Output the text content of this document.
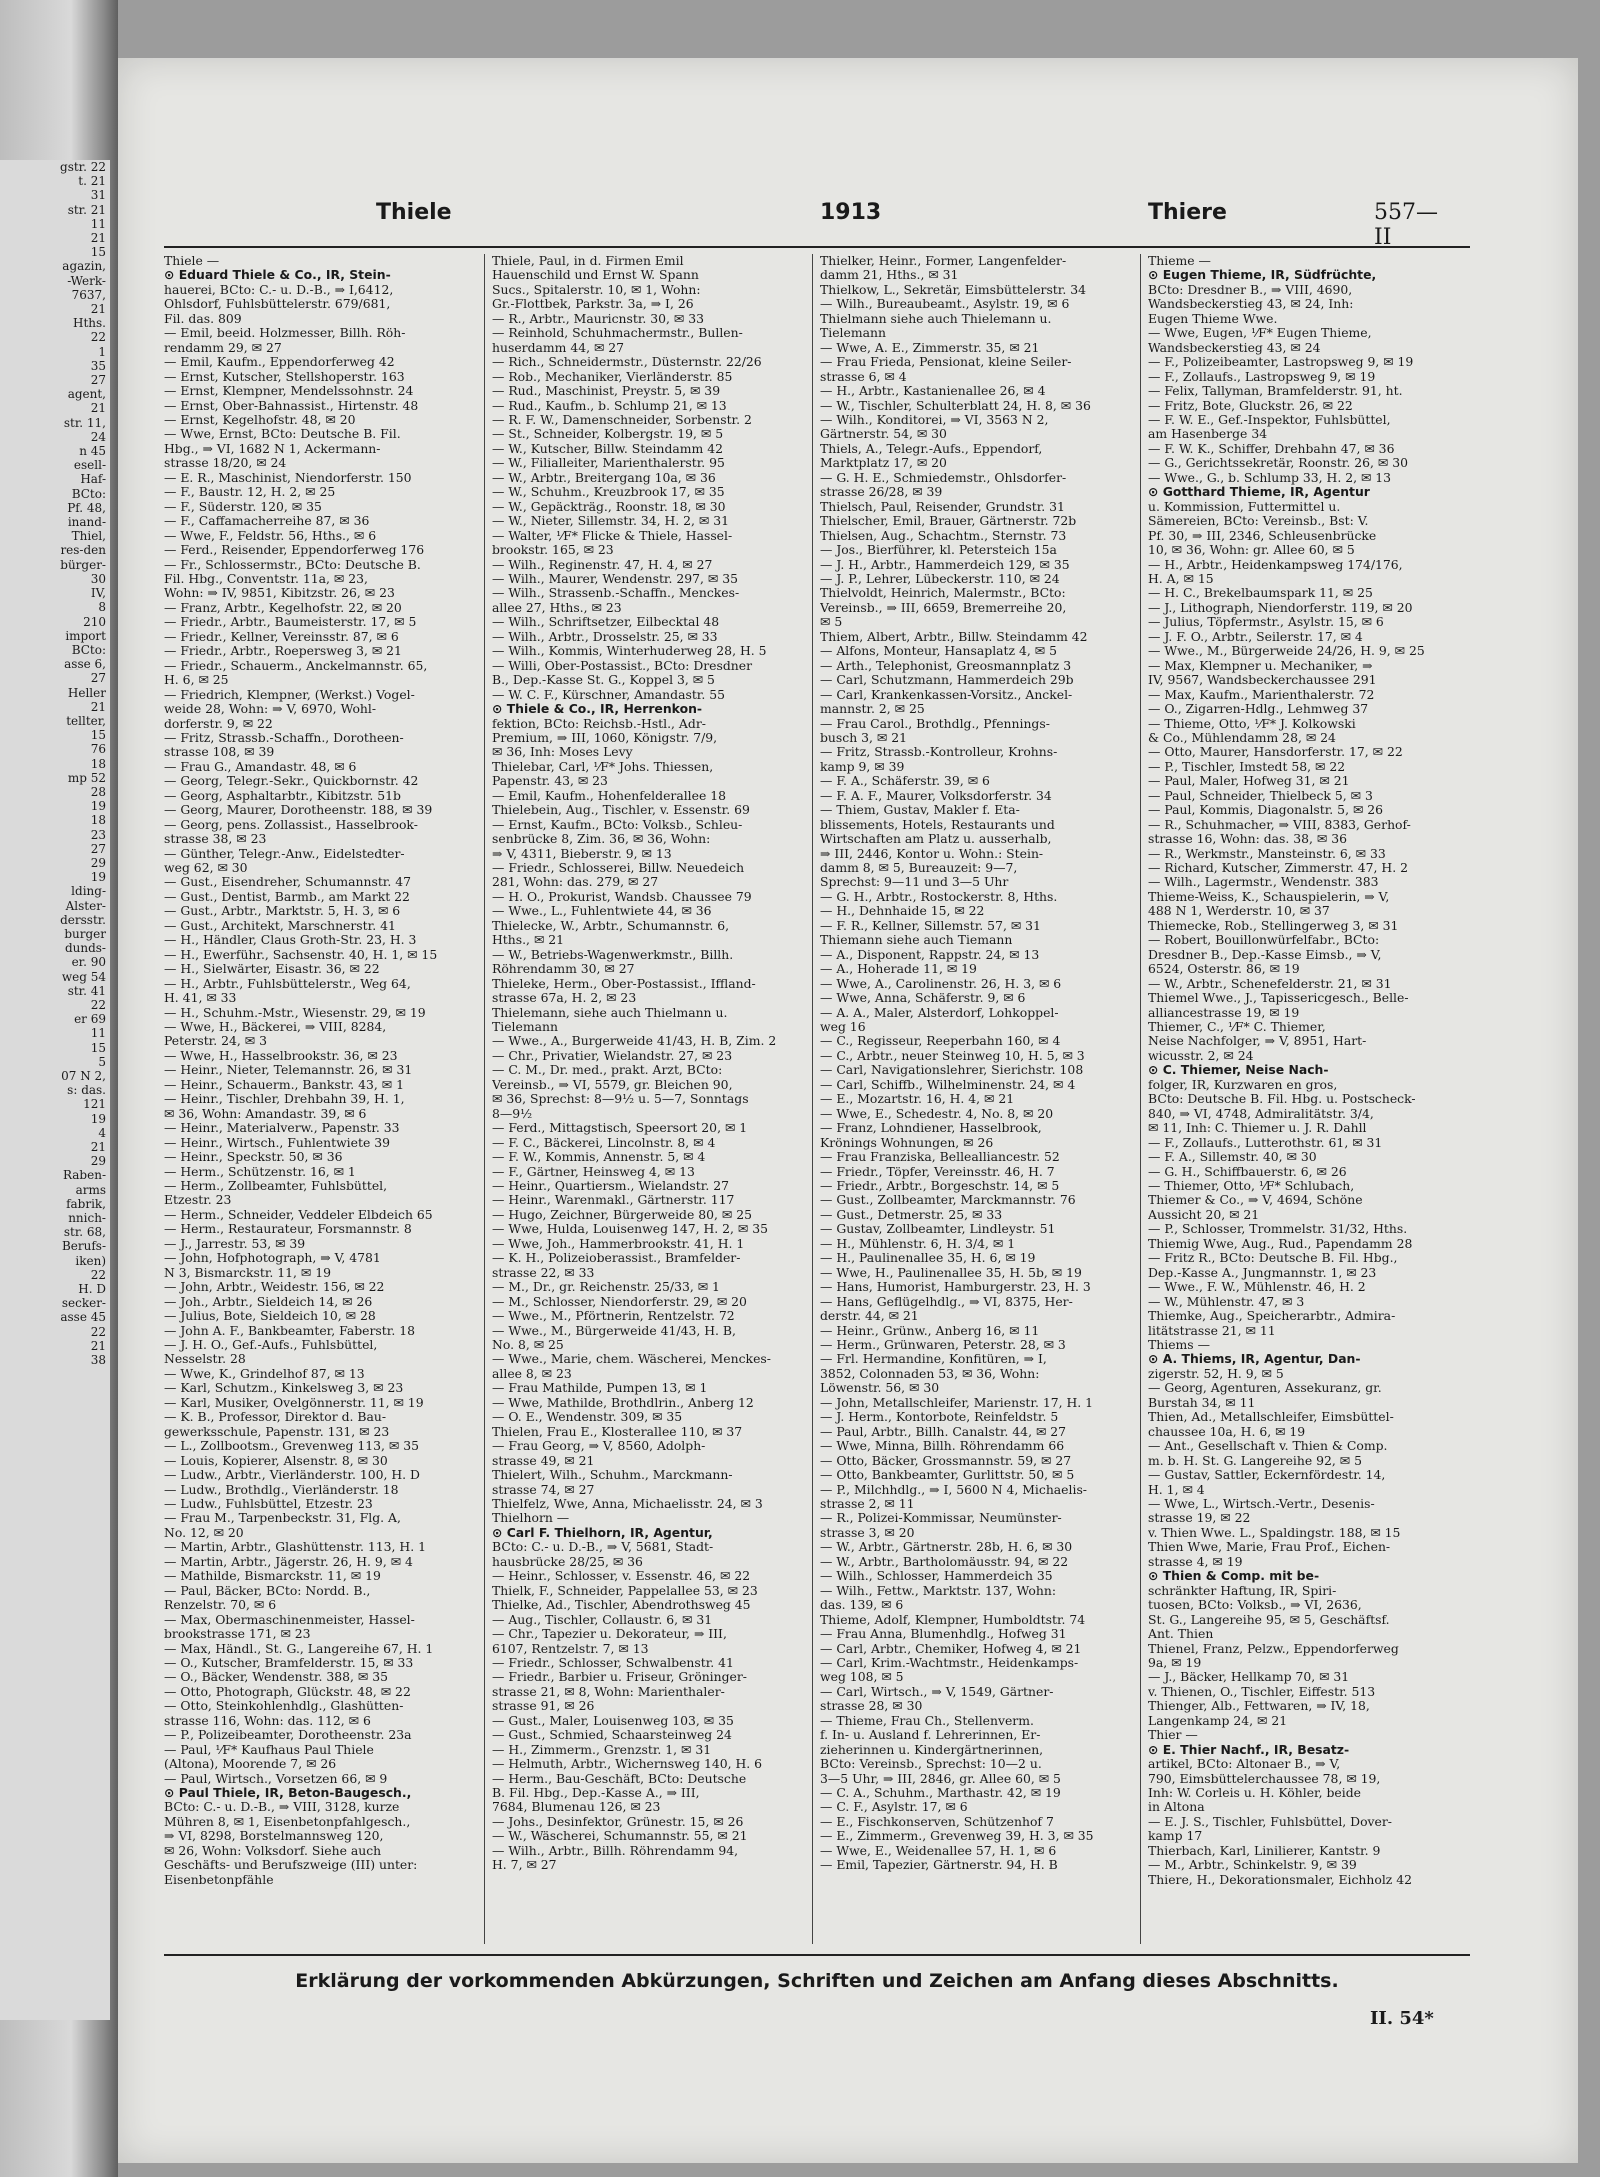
gstr. 22
t. 21
31
str. 21
11
21
15
agazin,
-Werk-
7637,
21
Hths.
22
1
35
27
agent,
21
str. 11,
24
n 45
esell-
Haf-
BCto:
Pf. 48,
inand-
Thiel,
res-den
bürger-
30
IV,
8
210
import
BCto:
asse 6,
27
Heller
21
tellter,
15
76
18
mp 52
28
19
18
23
27
29
19
lding-
Alster-
dersstr.
burger
dunds-
er. 90
weg 54
str. 41
22
er 69
11
15
5
07 N 2,
s: das.
121
19
4
21
29
Raben-
arms
fabrik,
nnich-
str. 68,
Berufs-
iken)
22
H. D
secker-
asse 45
22
21
38
Thiele	1913	Thiere	557—II
Thiele —
⊙ Eduard Thiele & Co., IR, Stein-
hauerei, BCto: C.- u. D.-B., ⇒ I,6412,
Ohlsdorf, Fuhlsbüttelerstr. 679/681,
Fil. das. 809
— Emil, beeid. Holzmesser, Billh. Röh-
rendamm 29, ✉ 27
— Emil, Kaufm., Eppendorferweg 42
— Ernst, Kutscher, Stellshoperstr. 163
— Ernst, Klempner, Mendelssohnstr. 24
— Ernst, Ober-Bahnassist., Hirtenstr. 48
— Ernst, Kegelhofstr. 48, ✉ 20
— Wwe, Ernst, BCto: Deutsche B. Fil.
Hbg., ⇒ VI, 1682 N 1, Ackermann-
strasse 18/20, ✉ 24
— E. R., Maschinist, Niendorferstr. 150
— F., Baustr. 12, H. 2, ✉ 25
— F., Süderstr. 120, ✉ 35
— F., Caffamacherreihe 87, ✉ 36
— Wwe, F., Feldstr. 56, Hths., ✉ 6
— Ferd., Reisender, Eppendorferweg 176
— Fr., Schlossermstr., BCto: Deutsche B.
Fil. Hbg., Conventstr. 11a, ✉ 23,
Wohn: ⇒ IV, 9851, Kibitzstr. 26, ✉ 23
— Franz, Arbtr., Kegelhofstr. 22, ✉ 20
— Friedr., Arbtr., Baumeisterstr. 17, ✉ 5
— Friedr., Kellner, Vereinsstr. 87, ✉ 6
— Friedr., Arbtr., Roepersweg 3, ✉ 21
— Friedr., Schauerm., Anckelmannstr. 65,
H. 6, ✉ 25
— Friedrich, Klempner, (Werkst.) Vogel-
weide 28, Wohn: ⇒ V, 6970, Wohl-
dorferstr. 9, ✉ 22
— Fritz, Strassb.-Schaffn., Dorotheen-
strasse 108, ✉ 39
— Frau G., Amandastr. 48, ✉ 6
— Georg, Telegr.-Sekr., Quickbornstr. 42
— Georg, Asphaltarbtr., Kibitzstr. 51b
— Georg, Maurer, Dorotheenstr. 188, ✉ 39
— Georg, pens. Zollassist., Hasselbrook-
strasse 38, ✉ 23
— Günther, Telegr.-Anw., Eidelstedter-
weg 62, ✉ 30
— Gust., Eisendreher, Schumannstr. 47
— Gust., Dentist, Barmb., am Markt 22
— Gust., Arbtr., Marktstr. 5, H. 3, ✉ 6
— Gust., Architekt, Marschnerstr. 41
— H., Händler, Claus Groth-Str. 23, H. 3
— H., Ewerführ., Sachsenstr. 40, H. 1, ✉ 15
— H., Sielwärter, Eisastr. 36, ✉ 22
— H., Arbtr., Fuhlsbüttelerstr., Weg 64,
H. 41, ✉ 33
— H., Schuhm.-Mstr., Wiesenstr. 29, ✉ 19
— Wwe, H., Bäckerei, ⇒ VIII, 8284,
Peterstr. 24, ✉ 3
— Wwe, H., Hasselbrookstr. 36, ✉ 23
— Heinr., Nieter, Telemannstr. 26, ✉ 31
— Heinr., Schauerm., Bankstr. 43, ✉ 1
— Heinr., Tischler, Drehbahn 39, H. 1,
✉ 36, Wohn: Amandastr. 39, ✉ 6
— Heinr., Materialverw., Papenstr. 33
— Heinr., Wirtsch., Fuhlentwiete 39
— Heinr., Speckstr. 50, ✉ 36
— Herm., Schützenstr. 16, ✉ 1
— Herm., Zollbeamter, Fuhlsbüttel,
Etzestr. 23
— Herm., Schneider, Veddeler Elbdeich 65
— Herm., Restaurateur, Forsmannstr. 8
— J., Jarrestr. 53, ✉ 39
— John, Hofphotograph, ⇒ V, 4781
N 3, Bismarckstr. 11, ✉ 19
— John, Arbtr., Weidestr. 156, ✉ 22
— Joh., Arbtr., Sieldeich 14, ✉ 26
— Julius, Bote, Sieldeich 10, ✉ 28
— John A. F., Bankbeamter, Faberstr. 18
— J. H. O., Gef.-Aufs., Fuhlsbüttel,
Nesselstr. 28
— Wwe, K., Grindelhof 87, ✉ 13
— Karl, Schutzm., Kinkelsweg 3, ✉ 23
— Karl, Musiker, Ovelgönnerstr. 11, ✉ 19
— K. B., Professor, Direktor d. Bau-
gewerksschule, Papenstr. 131, ✉ 23
— L., Zollbootsm., Grevenweg 113, ✉ 35
— Louis, Kopierer, Alsenstr. 8, ✉ 30
— Ludw., Arbtr., Vierländerstr. 100, H. D
— Ludw., Brothdlg., Vierländerstr. 18
— Ludw., Fuhlsbüttel, Etzestr. 23
— Frau M., Tarpenbeckstr. 31, Flg. A,
No. 12, ✉ 20
— Martin, Arbtr., Glashüttenstr. 113, H. 1
— Martin, Arbtr., Jägerstr. 26, H. 9, ✉ 4
— Mathilde, Bismarckstr. 11, ✉ 19
— Paul, Bäcker, BCto: Nordd. B.,
Renzelstr. 70, ✉ 6
— Max, Obermaschinenmeister, Hassel-
brookstrasse 171, ✉ 23
— Max, Händl., St. G., Langereihe 67, H. 1
— O., Kutscher, Bramfelderstr. 15, ✉ 33
— O., Bäcker, Wendenstr. 388, ✉ 35
— Otto, Photograph, Glückstr. 48, ✉ 22
— Otto, Steinkohlenhdlg., Glashütten-
strasse 116, Wohn: das. 112, ✉ 6
— P., Polizeibeamter, Dorotheenstr. 23a
— Paul, ⅟F* Kaufhaus Paul Thiele
(Altona), Moorende 7, ✉ 26
— Paul, Wirtsch., Vorsetzen 66, ✉ 9
⊙ Paul Thiele, IR, Beton-Baugesch.,
BCto: C.- u. D.-B., ⇒ VIII, 3128, kurze
Mühren 8, ✉ 1, Eisenbetonpfahlgesch.,
⇒ VI, 8298, Borstelmannsweg 120,
✉ 26, Wohn: Volksdorf. Siehe auch
Geschäfts- und Berufszweige (III) unter:
Eisenbetonpfähle
Thiele, Paul, in d. Firmen Emil
Hauenschild und Ernst W. Spann
Sucs., Spitalerstr. 10, ✉ 1, Wohn:
Gr.-Flottbek, Parkstr. 3a, ⇒ I, 26
— R., Arbtr., Mauricnstr. 30, ✉ 33
— Reinhold, Schuhmachermstr., Bullen-
huserdamm 44, ✉ 27
— Rich., Schneidermstr., Düsternstr. 22/26
— Rob., Mechaniker, Vierländerstr. 85
— Rud., Maschinist, Preystr. 5, ✉ 39
— Rud., Kaufm., b. Schlump 21, ✉ 13
— R. F. W., Damenschneider, Sorbenstr. 2
— St., Schneider, Kolbergstr. 19, ✉ 5
— W., Kutscher, Billw. Steindamm 42
— W., Filialleiter, Marienthalerstr. 95
— W., Arbtr., Breitergang 10a, ✉ 36
— W., Schuhm., Kreuzbrook 17, ✉ 35
— W., Gepäckträg., Roonstr. 18, ✉ 30
— W., Nieter, Sillemstr. 34, H. 2, ✉ 31
— Walter, ⅟F* Flicke & Thiele, Hassel-
brookstr. 165, ✉ 23
— Wilh., Reginenstr. 47, H. 4, ✉ 27
— Wilh., Maurer, Wendenstr. 297, ✉ 35
— Wilh., Strassenb.-Schaffn., Menckes-
allee 27, Hths., ✉ 23
— Wilh., Schriftsetzer, Eilbecktal 48
— Wilh., Arbtr., Drosselstr. 25, ✉ 33
— Wilh., Kommis, Winterhuderweg 28, H. 5
— Willi, Ober-Postassist., BCto: Dresdner
B., Dep.-Kasse St. G., Koppel 3, ✉ 5
— W. C. F., Kürschner, Amandastr. 55
⊙ Thiele & Co., IR, Herrenkon-
fektion, BCto: Reichsb.-Hstl., Adr-
Premium, ⇒ III, 1060, Königstr. 7/9,
✉ 36, Inh: Moses Levy
Thielebar, Carl, ⅟F* Johs. Thiessen,
Papenstr. 43, ✉ 23
— Emil, Kaufm., Hohenfelderallee 18
Thielebein, Aug., Tischler, v. Essenstr. 69
— Ernst, Kaufm., BCto: Volksb., Schleu-
senbrücke 8, Zim. 36, ✉ 36, Wohn:
⇒ V, 4311, Bieberstr. 9, ✉ 13
— Friedr., Schlosserei, Billw. Neuedeich
281, Wohn: das. 279, ✉ 27
— H. O., Prokurist, Wandsb. Chaussee 79
— Wwe., L., Fuhlentwiete 44, ✉ 36
Thielecke, W., Arbtr., Schumannstr. 6,
Hths., ✉ 21
— W., Betriebs-Wagenwerkmstr., Billh.
Röhrendamm 30, ✉ 27
Thieleke, Herm., Ober-Postassist., Iffland-
strasse 67a, H. 2, ✉ 23
Thielemann, siehe auch Thielmann u.
Tielemann
— Wwe., A., Burgerweide 41/43, H. B, Zim. 2
— Chr., Privatier, Wielandstr. 27, ✉ 23
— C. M., Dr. med., prakt. Arzt, BCto:
Vereinsb., ⇒ VI, 5579, gr. Bleichen 90,
✉ 36, Sprechst: 8—9½ u. 5—7, Sonntags
8—9½
— Ferd., Mittagstisch, Speersort 20, ✉ 1
— F. C., Bäckerei, Lincolnstr. 8, ✉ 4
— F. W., Kommis, Annenstr. 5, ✉ 4
— F., Gärtner, Heinsweg 4, ✉ 13
— Heinr., Quartiersm., Wielandstr. 27
— Heinr., Warenmakl., Gärtnerstr. 117
— Hugo, Zeichner, Bürgerweide 80, ✉ 25
— Wwe, Hulda, Louisenweg 147, H. 2, ✉ 35
— Wwe, Joh., Hammerbrookstr. 41, H. 1
— K. H., Polizeioberassist., Bramfelder-
strasse 22, ✉ 33
— M., Dr., gr. Reichenstr. 25/33, ✉ 1
— M., Schlosser, Niendorferstr. 29, ✉ 20
— Wwe., M., Pförtnerin, Rentzelstr. 72
— Wwe., M., Bürgerweide 41/43, H. B,
No. 8, ✉ 25
— Wwe., Marie, chem. Wäscherei, Menckes-
allee 8, ✉ 23
— Frau Mathilde, Pumpen 13, ✉ 1
— Wwe, Mathilde, Brothdlrin., Anberg 12
— O. E., Wendenstr. 309, ✉ 35
Thielen, Frau E., Klosterallee 110, ✉ 37
— Frau Georg, ⇒ V, 8560, Adolph-
strasse 49, ✉ 21
Thielert, Wilh., Schuhm., Marckmann-
strasse 74, ✉ 27
Thielfelz, Wwe, Anna, Michaelisstr. 24, ✉ 3
Thielhorn —
⊙ Carl F. Thielhorn, IR, Agentur,
BCto: C.- u. D.-B., ⇒ V, 5681, Stadt-
hausbrücke 28/25, ✉ 36
— Heinr., Schlosser, v. Essenstr. 46, ✉ 22
Thielk, F., Schneider, Pappelallee 53, ✉ 23
Thielke, Ad., Tischler, Abendrothsweg 45
— Aug., Tischler, Collaustr. 6, ✉ 31
— Chr., Tapezier u. Dekorateur, ⇒ III,
6107, Rentzelstr. 7, ✉ 13
— Friedr., Schlosser, Schwalbenstr. 41
— Friedr., Barbier u. Friseur, Gröninger-
strasse 21, ✉ 8, Wohn: Marienthaler-
strasse 91, ✉ 26
— Gust., Maler, Louisenweg 103, ✉ 35
— Gust., Schmied, Schaarsteinweg 24
— H., Zimmerm., Grenzstr. 1, ✉ 31
— Helmuth, Arbtr., Wichernsweg 140, H. 6
— Herm., Bau-Geschäft, BCto: Deutsche
B. Fil. Hbg., Dep.-Kasse A., ⇒ III,
7684, Blumenau 126, ✉ 23
— Johs., Desinfektor, Grünestr. 15, ✉ 26
— W., Wäscherei, Schumannstr. 55, ✉ 21
— Wilh., Arbtr., Billh. Röhrendamm 94,
H. 7, ✉ 27
Thielker, Heinr., Former, Langenfelder-
damm 21, Hths., ✉ 31
Thielkow, L., Sekretär, Eimsbüttelerstr. 34
— Wilh., Bureaubeamt., Asylstr. 19, ✉ 6
Thielmann siehe auch Thielemann u.
Tielemann
— Wwe, A. E., Zimmerstr. 35, ✉ 21
— Frau Frieda, Pensionat, kleine Seiler-
strasse 6, ✉ 4
— H., Arbtr., Kastanienallee 26, ✉ 4
— W., Tischler, Schulterblatt 24, H. 8, ✉ 36
— Wilh., Konditorei, ⇒ VI, 3563 N 2,
Gärtnerstr. 54, ✉ 30
Thiels, A., Telegr.-Aufs., Eppendorf,
Marktplatz 17, ✉ 20
— G. H. E., Schmiedemstr., Ohlsdorfer-
strasse 26/28, ✉ 39
Thielsch, Paul, Reisender, Grundstr. 31
Thielscher, Emil, Brauer, Gärtnerstr. 72b
Thielsen, Aug., Schachtm., Sternstr. 73
— Jos., Bierführer, kl. Petersteich 15a
— J. H., Arbtr., Hammerdeich 129, ✉ 35
— J. P., Lehrer, Lübeckerstr. 110, ✉ 24
Thielvoldt, Heinrich, Malermstr., BCto:
Vereinsb., ⇒ III, 6659, Bremerreihe 20,
✉ 5
Thiem, Albert, Arbtr., Billw. Steindamm 42
— Alfons, Monteur, Hansaplatz 4, ✉ 5
— Arth., Telephonist, Greosmannplatz 3
— Carl, Schutzmann, Hammerdeich 29b
— Carl, Krankenkassen-Vorsitz., Anckel-
mannstr. 2, ✉ 25
— Frau Carol., Brothdlg., Pfennings-
busch 3, ✉ 21
— Fritz, Strassb.-Kontrolleur, Krohns-
kamp 9, ✉ 39
— F. A., Schäferstr. 39, ✉ 6
— F. A. F., Maurer, Volksdorferstr. 34
— Thiem, Gustav, Makler f. Eta-
blissements, Hotels, Restaurants und
Wirtschaften am Platz u. ausserhalb,
⇒ III, 2446, Kontor u. Wohn.: Stein-
damm 8, ✉ 5, Bureauzeit: 9—7,
Sprechst: 9—11 und 3—5 Uhr
— G. H., Arbtr., Rostockerstr. 8, Hths.
— H., Dehnhaide 15, ✉ 22
— F. R., Kellner, Sillemstr. 57, ✉ 31
Thiemann siehe auch Tiemann
— A., Disponent, Rappstr. 24, ✉ 13
— A., Hoherade 11, ✉ 19
— Wwe, A., Carolinenstr. 26, H. 3, ✉ 6
— Wwe, Anna, Schäferstr. 9, ✉ 6
— A. A., Maler, Alsterdorf, Lohkoppel-
weg 16
— C., Regisseur, Reeperbahn 160, ✉ 4
— C., Arbtr., neuer Steinweg 10, H. 5, ✉ 3
— Carl, Navigationslehrer, Sierichstr. 108
— Carl, Schiffb., Wilhelminenstr. 24, ✉ 4
— E., Mozartstr. 16, H. 4, ✉ 21
— Wwe, E., Schedestr. 4, No. 8, ✉ 20
— Franz, Lohndiener, Hasselbrook,
Krönings Wohnungen, ✉ 26
— Frau Franziska, Bellealliancestr. 52
— Friedr., Töpfer, Vereinsstr. 46, H. 7
— Friedr., Arbtr., Borgeschstr. 14, ✉ 5
— Gust., Zollbeamter, Marckmannstr. 76
— Gust., Detmerstr. 25, ✉ 33
— Gustav, Zollbeamter, Lindleystr. 51
— H., Mühlenstr. 6, H. 3/4, ✉ 1
— H., Paulinenallee 35, H. 6, ✉ 19
— Wwe, H., Paulinenallee 35, H. 5b, ✉ 19
— Hans, Humorist, Hamburgerstr. 23, H. 3
— Hans, Geflügelhdlg., ⇒ VI, 8375, Her-
derstr. 44, ✉ 21
— Heinr., Grünw., Anberg 16, ✉ 11
— Herm., Grünwaren, Peterstr. 28, ✉ 3
— Frl. Hermandine, Konfitüren, ⇒ I,
3852, Colonnaden 53, ✉ 36, Wohn:
Löwenstr. 56, ✉ 30
— John, Metallschleifer, Marienstr. 17, H. 1
— J. Herm., Kontorbote, Reinfeldstr. 5
— Paul, Arbtr., Billh. Canalstr. 44, ✉ 27
— Wwe, Minna, Billh. Röhrendamm 66
— Otto, Bäcker, Grossmannstr. 59, ✉ 27
— Otto, Bankbeamter, Gurlittstr. 50, ✉ 5
— P., Milchhdlg., ⇒ I, 5600 N 4, Michaelis-
strasse 2, ✉ 11
— R., Polizei-Kommissar, Neumünster-
strasse 3, ✉ 20
— W., Arbtr., Gärtnerstr. 28b, H. 6, ✉ 30
— W., Arbtr., Bartholomäusstr. 94, ✉ 22
— Wilh., Schlosser, Hammerdeich 35
— Wilh., Fettw., Marktstr. 137, Wohn:
das. 139, ✉ 6
Thieme, Adolf, Klempner, Humboldtstr. 74
— Frau Anna, Blumenhdlg., Hofweg 31
— Carl, Arbtr., Chemiker, Hofweg 4, ✉ 21
— Carl, Krim.-Wachtmstr., Heidenkamps-
weg 108, ✉ 5
— Carl, Wirtsch., ⇒ V, 1549, Gärtner-
strasse 28, ✉ 30
— Thieme, Frau Ch., Stellenverm.
f. In- u. Ausland f. Lehrerinnen, Er-
zieherinnen u. Kindergärtnerinnen,
BCto: Vereinsb., Sprechst: 10—2 u.
3—5 Uhr, ⇒ III, 2846, gr. Allee 60, ✉ 5
— C. A., Schuhm., Marthastr. 42, ✉ 19
— C. F., Asylstr. 17, ✉ 6
— E., Fischkonserven, Schützenhof 7
— E., Zimmerm., Grevenweg 39, H. 3, ✉ 35
— Wwe, E., Weidenallee 57, H. 1, ✉ 6
— Emil, Tapezier, Gärtnerstr. 94, H. B
Thieme —
⊙ Eugen Thieme, IR, Südfrüchte,
BCto: Dresdner B., ⇒ VIII, 4690,
Wandsbeckerstieg 43, ✉ 24, Inh:
Eugen Thieme Wwe.
— Wwe, Eugen, ⅟F* Eugen Thieme,
Wandsbeckerstieg 43, ✉ 24
— F., Polizeibeamter, Lastropsweg 9, ✉ 19
— F., Zollaufs., Lastropsweg 9, ✉ 19
— Felix, Tallyman, Bramfelderstr. 91, ht.
— Fritz, Bote, Gluckstr. 26, ✉ 22
— F. W. E., Gef.-Inspektor, Fuhlsbüttel,
am Hasenberge 34
— F. W. K., Schiffer, Drehbahn 47, ✉ 36
— G., Gerichtssekretär, Roonstr. 26, ✉ 30
— Wwe., G., b. Schlump 33, H. 2, ✉ 13
⊙ Gotthard Thieme, IR, Agentur
u. Kommission, Futtermittel u.
Sämereien, BCto: Vereinsb., Bst: V.
Pf. 30, ⇒ III, 2346, Schleusenbrücke
10, ✉ 36, Wohn: gr. Allee 60, ✉ 5
— H., Arbtr., Heidenkampsweg 174/176,
H. A, ✉ 15
— H. C., Brekelbaumspark 11, ✉ 25
— J., Lithograph, Niendorferstr. 119, ✉ 20
— Julius, Töpfermstr., Asylstr. 15, ✉ 6
— J. F. O., Arbtr., Seilerstr. 17, ✉ 4
— Wwe., M., Bürgerweide 24/26, H. 9, ✉ 25
— Max, Klempner u. Mechaniker, ⇒
IV, 9567, Wandsbeckerchaussee 291
— Max, Kaufm., Marienthalerstr. 72
— O., Zigarren-Hdlg., Lehmweg 37
— Thieme, Otto, ⅟F* J. Kolkowski
& Co., Mühlendamm 28, ✉ 24
— Otto, Maurer, Hansdorferstr. 17, ✉ 22
— P., Tischler, Imstedt 58, ✉ 22
— Paul, Maler, Hofweg 31, ✉ 21
— Paul, Schneider, Thielbeck 5, ✉ 3
— Paul, Kommis, Diagonalstr. 5, ✉ 26
— R., Schuhmacher, ⇒ VIII, 8383, Gerhof-
strasse 16, Wohn: das. 38, ✉ 36
— R., Werkmstr., Mansteinstr. 6, ✉ 33
— Richard, Kutscher, Zimmerstr. 47, H. 2
— Wilh., Lagermstr., Wendenstr. 383
Thieme-Weiss, K., Schauspielerin, ⇒ V,
488 N 1, Werderstr. 10, ✉ 37
Thiemecke, Rob., Stellingerweg 3, ✉ 31
— Robert, Bouillonwürfelfabr., BCto:
Dresdner B., Dep.-Kasse Eimsb., ⇒ V,
6524, Osterstr. 86, ✉ 19
— W., Arbtr., Schenefelderstr. 21, ✉ 31
Thiemel Wwe., J., Tapissericgesch., Belle-
alliancestrasse 19, ✉ 19
Thiemer, C., ⅟F* C. Thiemer,
Neise Nachfolger, ⇒ V, 8951, Hart-
wicusstr. 2, ✉ 24
⊙ C. Thiemer, Neise Nach-
folger, IR, Kurzwaren en gros,
BCto: Deutsche B. Fil. Hbg. u. Postscheck-
840, ⇒ VI, 4748, Admiralitätstr. 3/4,
✉ 11, Inh: C. Thiemer u. J. R. Dahll
— F., Zollaufs., Lutterothstr. 61, ✉ 31
— F. A., Sillemstr. 40, ✉ 30
— G. H., Schiffbauerstr. 6, ✉ 26
— Thiemer, Otto, ⅟F* Schlubach,
Thiemer & Co., ⇒ V, 4694, Schöne
Aussicht 20, ✉ 21
— P., Schlosser, Trommelstr. 31/32, Hths.
Thiemig Wwe, Aug., Rud., Papendamm 28
— Fritz R., BCto: Deutsche B. Fil. Hbg.,
Dep.-Kasse A., Jungmannstr. 1, ✉ 23
— Wwe., F. W., Mühlenstr. 46, H. 2
— W., Mühlenstr. 47, ✉ 3
Thiemke, Aug., Speicherarbtr., Admira-
litätstrasse 21, ✉ 11
Thiems —
⊙ A. Thiems, IR, Agentur, Dan-
zigerstr. 52, H. 9, ✉ 5
— Georg, Agenturen, Assekuranz, gr.
Burstah 34, ✉ 11
Thien, Ad., Metallschleifer, Eimsbüttel-
chaussee 10a, H. 6, ✉ 19
— Ant., Gesellschaft v. Thien & Comp.
m. b. H. St. G. Langereihe 92, ✉ 5
— Gustav, Sattler, Eckernfördestr. 14,
H. 1, ✉ 4
— Wwe, L., Wirtsch.-Vertr., Desenis-
strasse 19, ✉ 22
v. Thien Wwe. L., Spaldingstr. 188, ✉ 15
Thien Wwe, Marie, Frau Prof., Eichen-
strasse 4, ✉ 19
⊙ Thien & Comp. mit be-
schränkter Haftung, IR, Spiri-
tuosen, BCto: Volksb., ⇒ VI, 2636,
St. G., Langereihe 95, ✉ 5, Geschäftsf.
Ant. Thien
Thienel, Franz, Pelzw., Eppendorferweg
9a, ✉ 19
— J., Bäcker, Hellkamp 70, ✉ 31
v. Thienen, O., Tischler, Eiffestr. 513
Thienger, Alb., Fettwaren, ⇒ IV, 18,
Langenkamp 24, ✉ 21
Thier —
⊙ E. Thier Nachf., IR, Besatz-
artikel, BCto: Altonaer B., ⇒ V,
790, Eimsbüttelerchaussee 78, ✉ 19,
Inh: W. Corleis u. H. Köhler, beide
in Altona
— E. J. S., Tischler, Fuhlsbüttel, Dover-
kamp 17
Thierbach, Karl, Linilierer, Kantstr. 9
— M., Arbtr., Schinkelstr. 9, ✉ 39
Thiere, H., Dekorationsmaler, Eichholz 42
Erklärung der vorkommenden Abkürzungen, Schriften und Zeichen am Anfang dieses Abschnitts.
II. 54*
